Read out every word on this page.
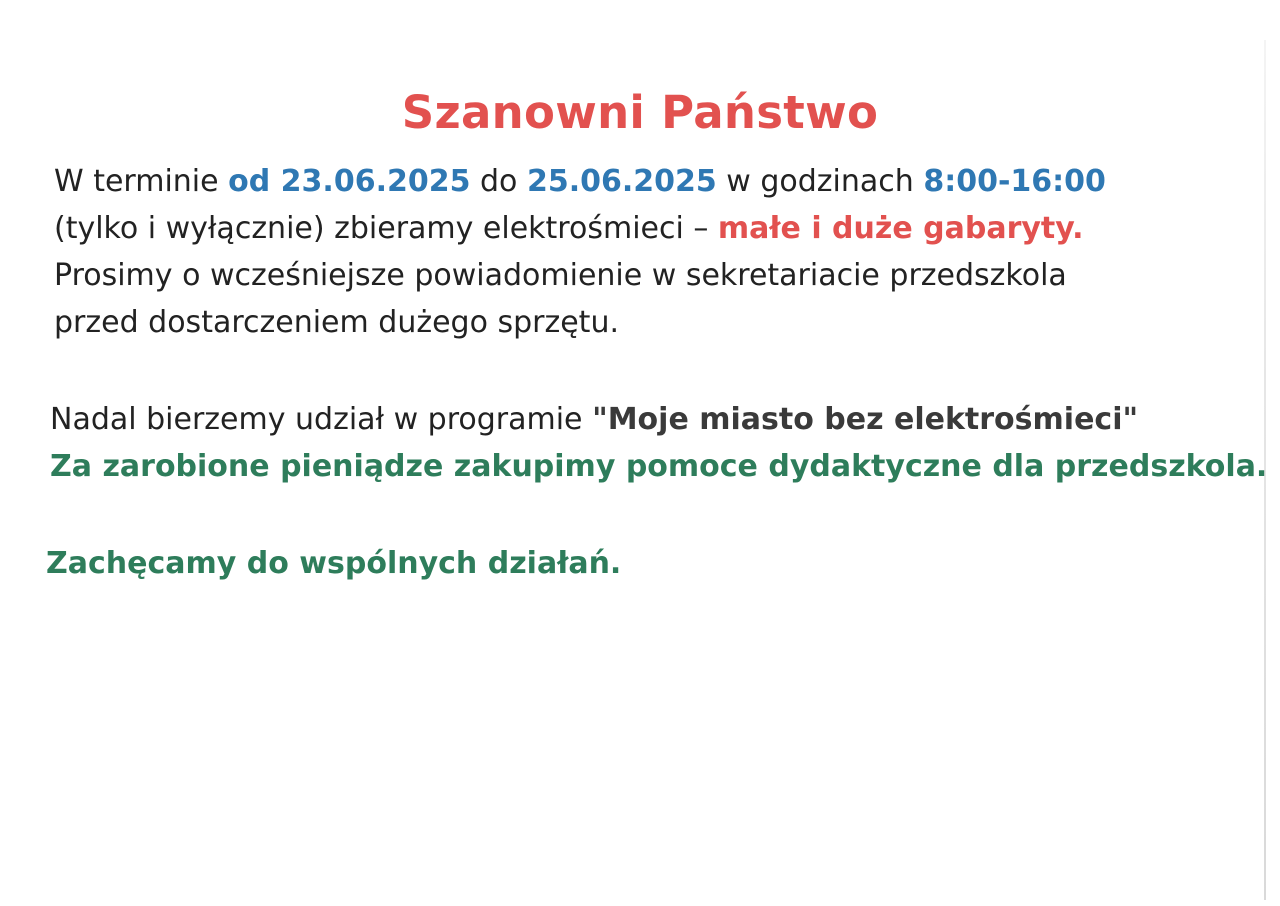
Szanowni Państwo

W terminie od 23.06.2025 do 25.06.2025 w godzinach 8:00-16:00
(tylko i wyłącznie) zbieramy elektrośmieci – małe i duże gabaryty.
Prosimy o wcześniejsze powiadomienie w sekretariacie przedszkola
przed dostarczeniem dużego sprzętu.

Nadal bierzemy udział w programie "Moje miasto bez elektrośmieci"
Za zarobione pieniądze zakupimy pomoce dydaktyczne dla przedszkola.

Zachęcamy do wspólnych działań.
